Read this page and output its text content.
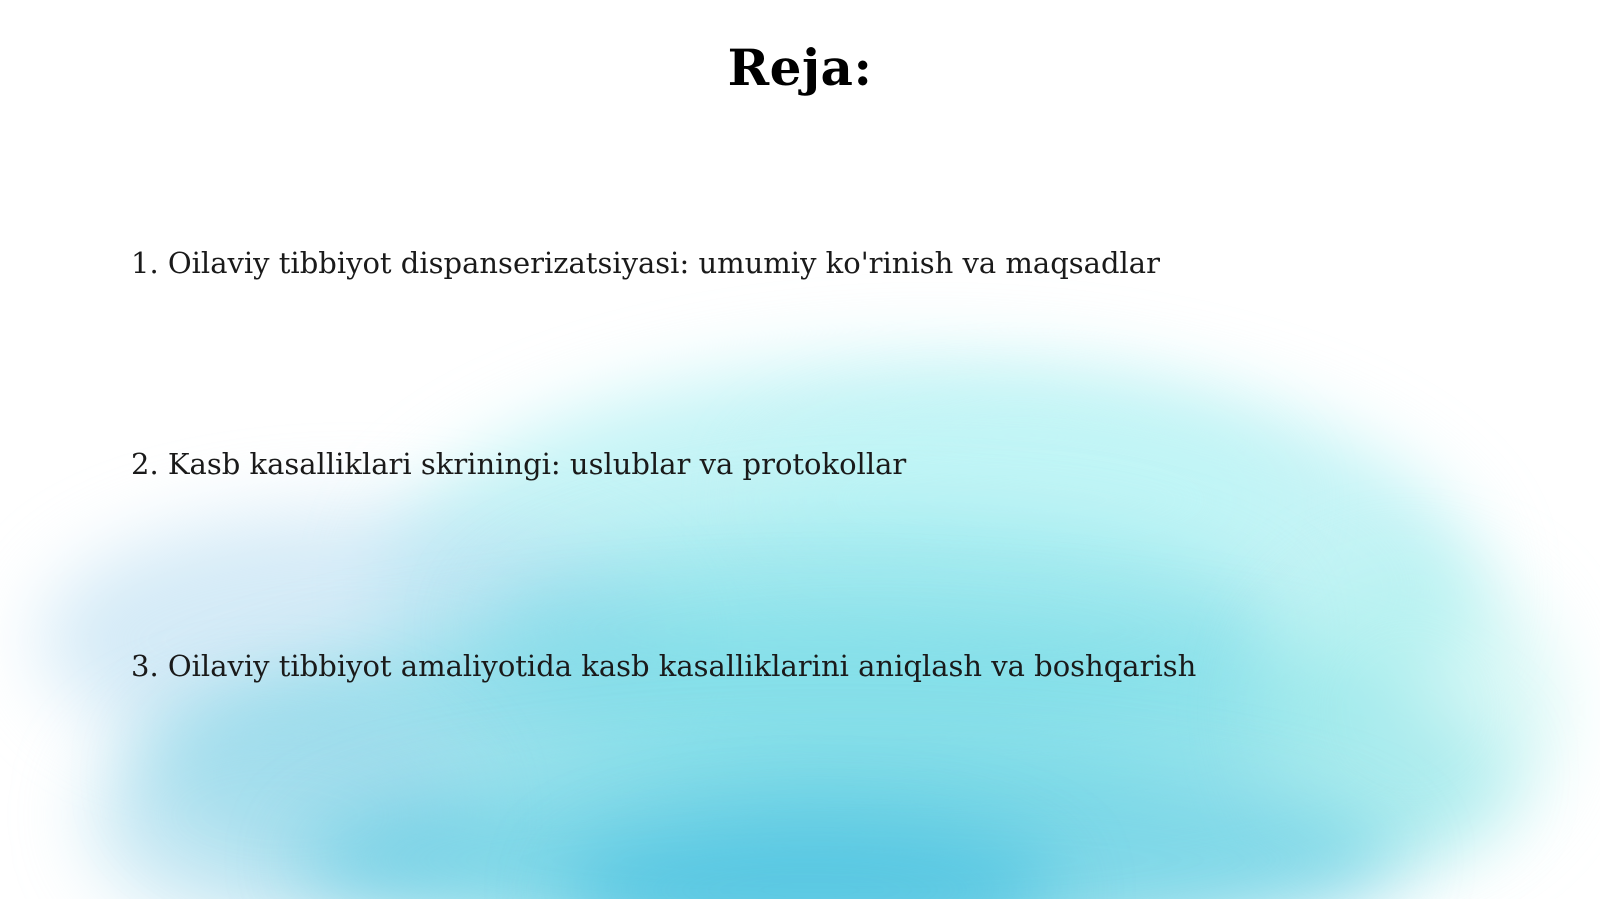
Reja:

1. Oilaviy tibbiyot dispanserizatsiyasi: umumiy ko'rinish va maqsadlar

2. Kasb kasalliklari skriningi: uslublar va protokollar

3. Oilaviy tibbiyot amaliyotida kasb kasalliklarini aniqlash va boshqarish
